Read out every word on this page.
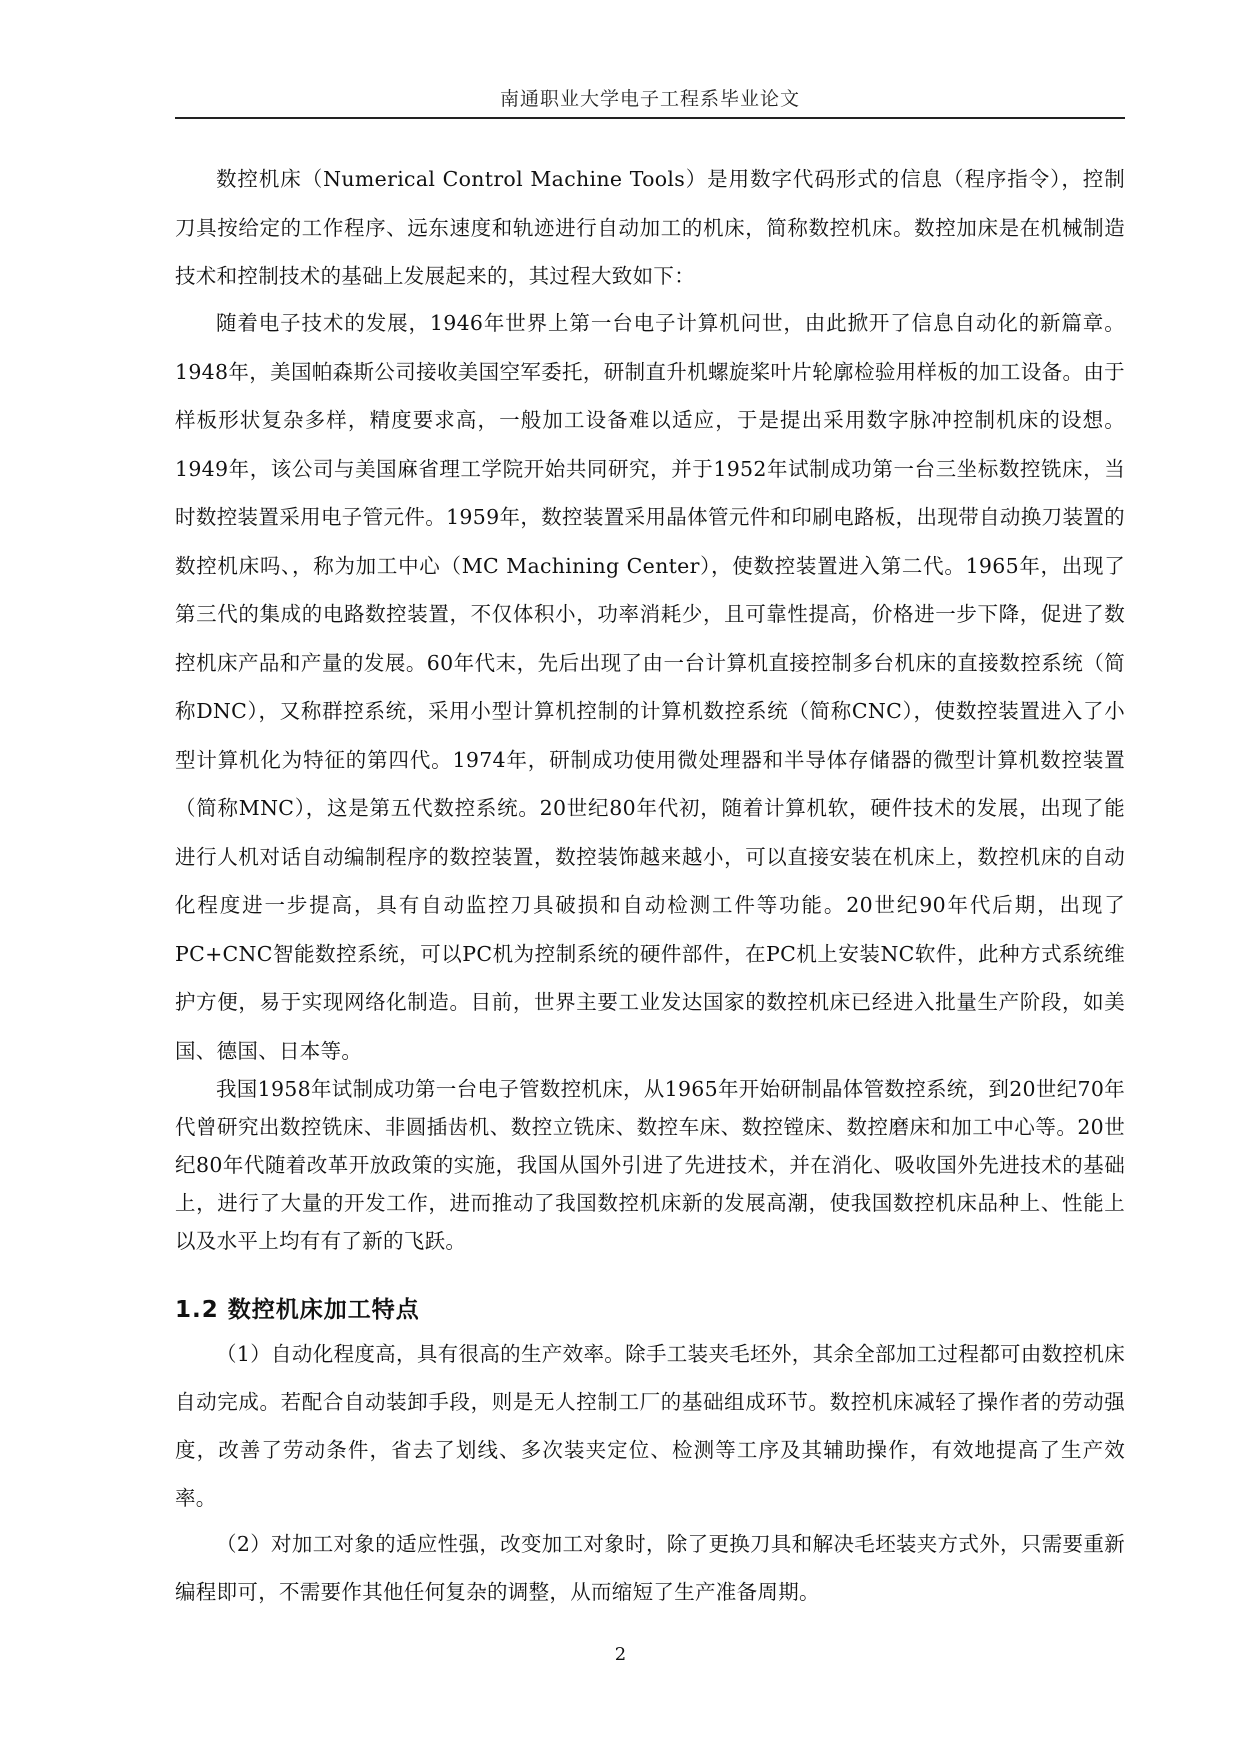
南通职业大学电子工程系毕业论文

数控机床（Numerical Control Machine Tools）是用数字代码形式的信息（程序指令），控制刀具按给定的工作程序、远东速度和轨迹进行自动加工的机床，简称数控机床。数控加床是在机械制造技术和控制技术的基础上发展起来的，其过程大致如下：

随着电子技术的发展，1946年世界上第一台电子计算机问世，由此掀开了信息自动化的新篇章。1948年，美国帕森斯公司接收美国空军委托，研制直升机螺旋桨叶片轮廓检验用样板的加工设备。由于样板形状复杂多样，精度要求高，一般加工设备难以适应，于是提出采用数字脉冲控制机床的设想。1949年，该公司与美国麻省理工学院开始共同研究，并于1952年试制成功第一台三坐标数控铣床，当时数控装置采用电子管元件。1959年，数控装置采用晶体管元件和印刷电路板，出现带自动换刀装置的数控机床吗、，称为加工中心（MC Machining Center），使数控装置进入第二代。1965年，出现了第三代的集成的电路数控装置，不仅体积小，功率消耗少，且可靠性提高，价格进一步下降，促进了数控机床产品和产量的发展。60年代末，先后出现了由一台计算机直接控制多台机床的直接数控系统（简称DNC），又称群控系统，采用小型计算机控制的计算机数控系统（简称CNC），使数控装置进入了小型计算机化为特征的第四代。1974年，研制成功使用微处理器和半导体存储器的微型计算机数控装置（简称MNC），这是第五代数控系统。20世纪80年代初，随着计算机软，硬件技术的发展，出现了能进行人机对话自动编制程序的数控装置，数控装饰越来越小，可以直接安装在机床上，数控机床的自动化程度进一步提高，具有自动监控刀具破损和自动检测工件等功能。20世纪90年代后期，出现了PC+CNC智能数控系统，可以PC机为控制系统的硬件部件，在PC机上安装NC软件，此种方式系统维护方便，易于实现网络化制造。目前，世界主要工业发达国家的数控机床已经进入批量生产阶段，如美国、德国、日本等。

我国1958年试制成功第一台电子管数控机床，从1965年开始研制晶体管数控系统，到20世纪70年代曾研究出数控铣床、非圆插齿机、数控立铣床、数控车床、数控镗床、数控磨床和加工中心等。20世纪80年代随着改革开放政策的实施，我国从国外引进了先进技术，并在消化、吸收国外先进技术的基础上，进行了大量的开发工作，进而推动了我国数控机床新的发展高潮，使我国数控机床品种上、性能上以及水平上均有有了新的飞跃。

1.2 数控机床加工特点

（1）自动化程度高，具有很高的生产效率。除手工装夹毛坯外，其余全部加工过程都可由数控机床自动完成。若配合自动装卸手段，则是无人控制工厂的基础组成环节。数控机床减轻了操作者的劳动强度，改善了劳动条件，省去了划线、多次装夹定位、检测等工序及其辅助操作，有效地提高了生产效率。

（2）对加工对象的适应性强，改变加工对象时，除了更换刀具和解决毛坯装夹方式外，只需要重新编程即可，不需要作其他任何复杂的调整，从而缩短了生产准备周期。

2
